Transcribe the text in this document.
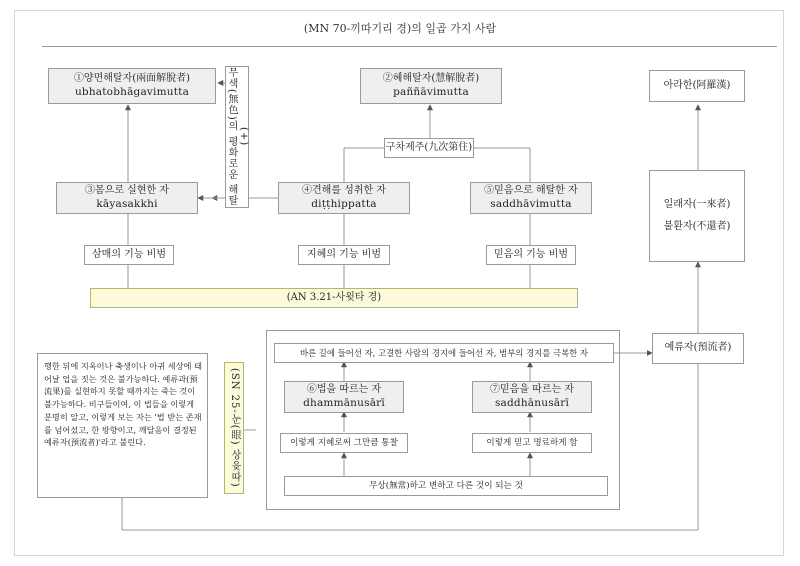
(MN 70-끼따기리 경)의 일곱 가지 사람
①양면해탈자(兩面解脫者)
ubhatobhāgavimutta
(+)
무색(無色)의 평화로운 해탈	②혜해탈자(慧解脫者)
paññāvimutta
아라한(阿羅漢)
구차제주(九次第住)
③몸으로 실현한 자
kāyasakkhi
④견해를 성취한 자
diṭṭhippatta
⑤믿음으로 해탈한 자
saddhāvimutta	일래자(一來者)
불환자(不還者)
삼매의 기능 비범	지혜의 기능 비범	믿음의 기능 비범
(AN 3.21-사윗타 경)
행한 뒤에 지옥이나 축생이나 아귀 세상에 태어날 업을 짓는 것은 불가능하다. 예류과(預流果)를 실현하지 못할 때까지는 죽는 것이 불가능하다. 비구들이여, 이 법들을 이렇게 분명히 알고, 이렇게 보는 자는 '법 받는 존재를 넘어섰고, 한 방향이고, 깨달음이 결정된 예류자(預流者)'라고 불린다.	(SN 25-눈(眼) 상윳따)
바른 길에 들어선 자, 고결한 사람의 경지에 들어선 자, 범부의 경지를 극복한 자
⑥법을 따르는 자
dhammānusārī
⑦믿음을 따르는 자
saddhānusārī
이렇게 지혜로써 그만큼 통찰	이렇게 믿고 명료하게 함
무상(無常)하고 변하고 다른 것이 되는 것
예류자(預流者)
